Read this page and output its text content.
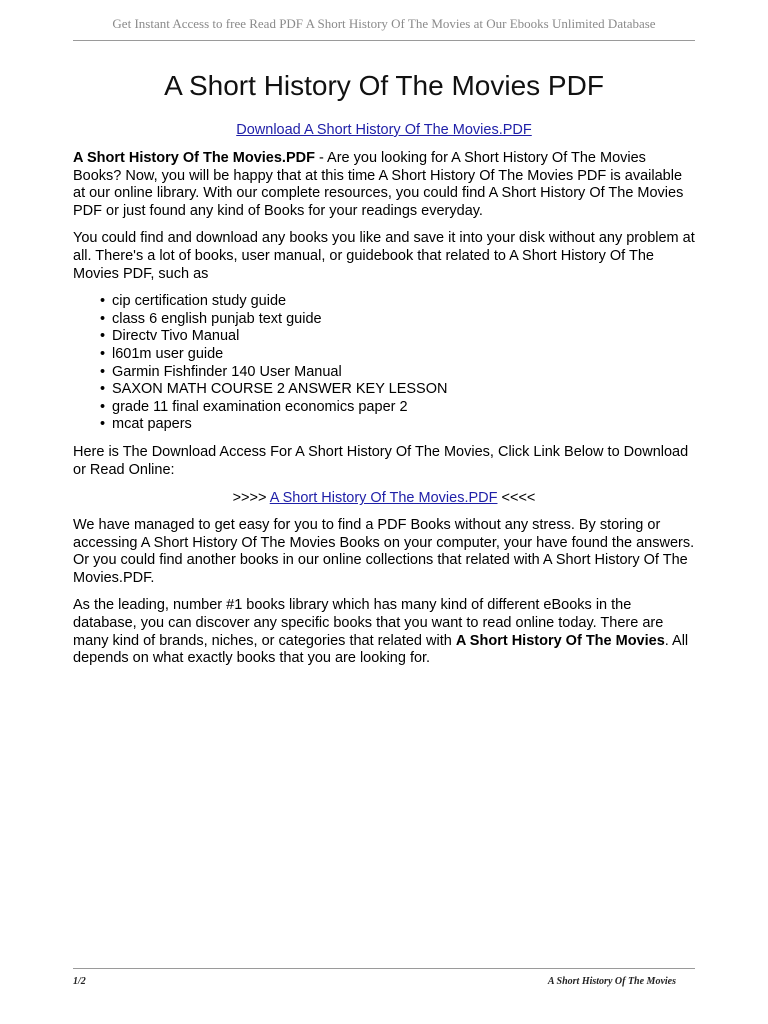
Get Instant Access to free Read PDF A Short History Of The Movies at Our Ebooks Unlimited Database
A Short History Of The Movies PDF
Download A Short History Of The Movies.PDF

A Short History Of The Movies.PDF - Are you looking for A Short History Of The Movies Books? Now, you will be happy that at this time A Short History Of The Movies PDF is available at our online library. With our complete resources, you could find A Short History Of The Movies PDF or just found any kind of Books for your readings everyday.

You could find and download any books you like and save it into your disk without any problem at all. There's a lot of books, user manual, or guidebook that related to A Short History Of The Movies PDF, such as

• cip certification study guide
• class 6 english punjab text guide
• Directv Tivo Manual
• l601m user guide
• Garmin Fishfinder 140 User Manual
• SAXON MATH COURSE 2 ANSWER KEY LESSON
• grade 11 final examination economics paper 2
• mcat papers

Here is The Download Access For A Short History Of The Movies, Click Link Below to Download or Read Online:

>>>> A Short History Of The Movies.PDF <<<<

We have managed to get easy for you to find a PDF Books without any stress. By storing or accessing A Short History Of The Movies Books on your computer, your have found the answers. Or you could find another books in our online collections that related with A Short History Of The Movies.PDF.

As the leading, number #1 books library which has many kind of different eBooks in the database, you can discover any specific books that you want to read online today. There are many kind of brands, niches, or categories that related with A Short History Of The Movies. All depends on what exactly books that you are looking for.

1/2	A Short History Of The Movies
